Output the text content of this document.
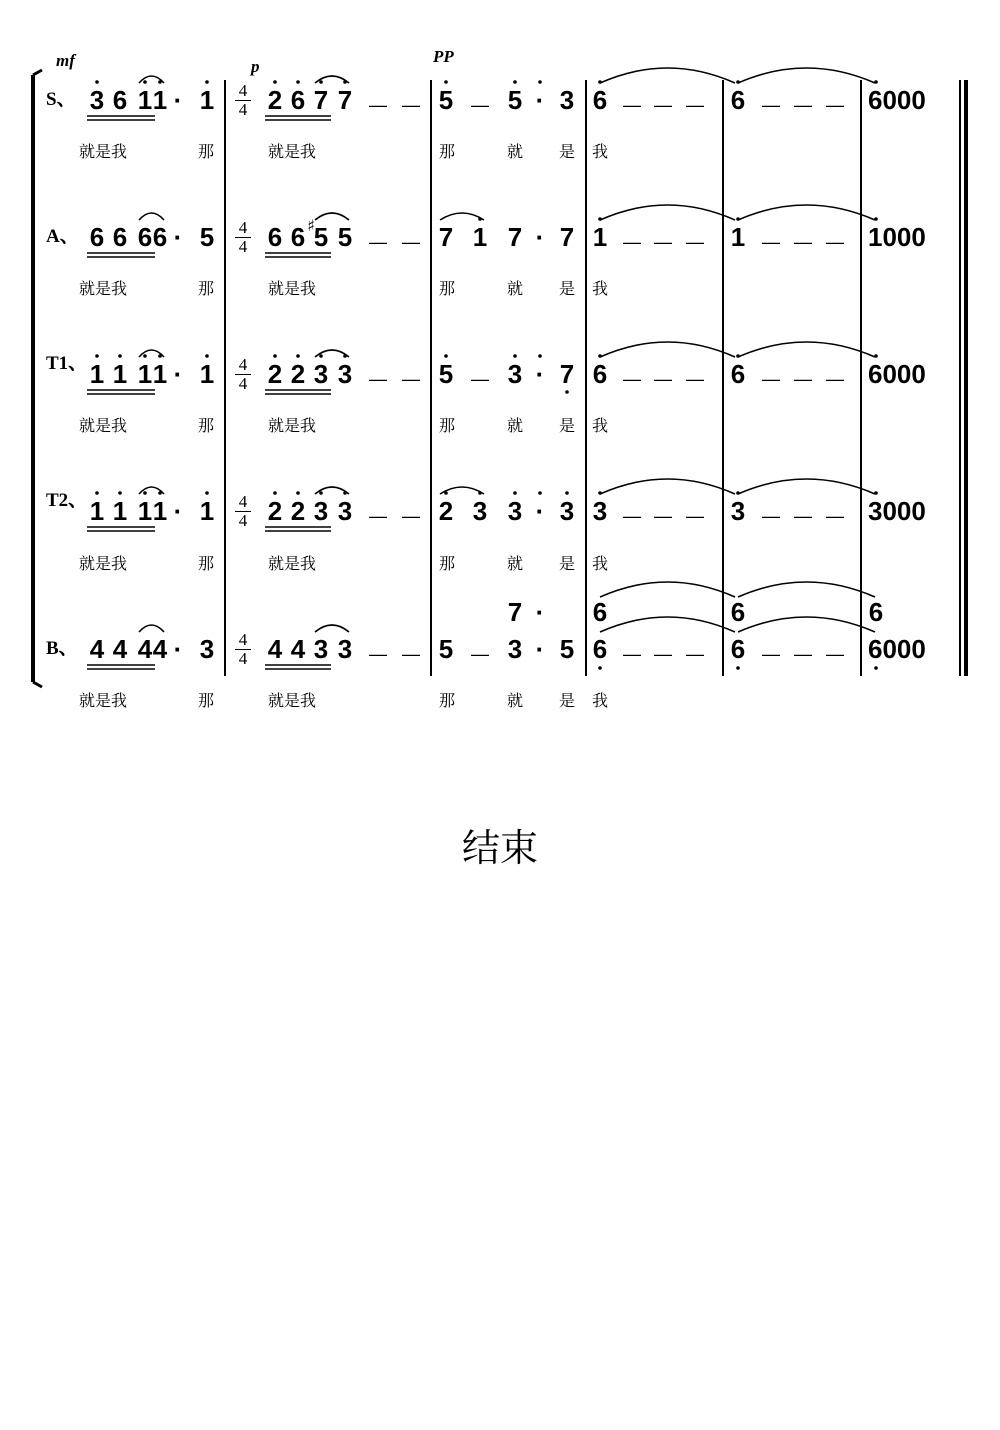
mf	p
PP
S、	4
4
3 6 1 1 · 1 2 6 7 7 — — 5 — 5 · 3 6 — — — 6 — — — 6000
就是我	那	就是我	那	就 是 我
A、	4
4
6 6 6 6 · 5 6 6 5 5 — — 7 1 7 · 7 1 — — — 1 — — — 1000
就是我	那	就是我	那	就 是 我
T1、	4
4
1 1 1 1 · 1 2 2 3 3 — — 5 — 3 · 7 6 — — — 6 — — — 6000
就是我	那	就是我	那	就 是 我
T2、	4
4
1 1 1 1 · 1 2 2 3 3 — — 2 3 3 · 3 3 — — — 3 — — — 3000
就是我	那	就是我	那	就 是 我
B、	4
4
4 4 4 4 · 3 4 4 3 3 — — 5 — 3 · 5 6 — — — 6 — — — 6000
就是我	那	就是我	那	就 是 我
♯
7 · 6	6	6
结束
